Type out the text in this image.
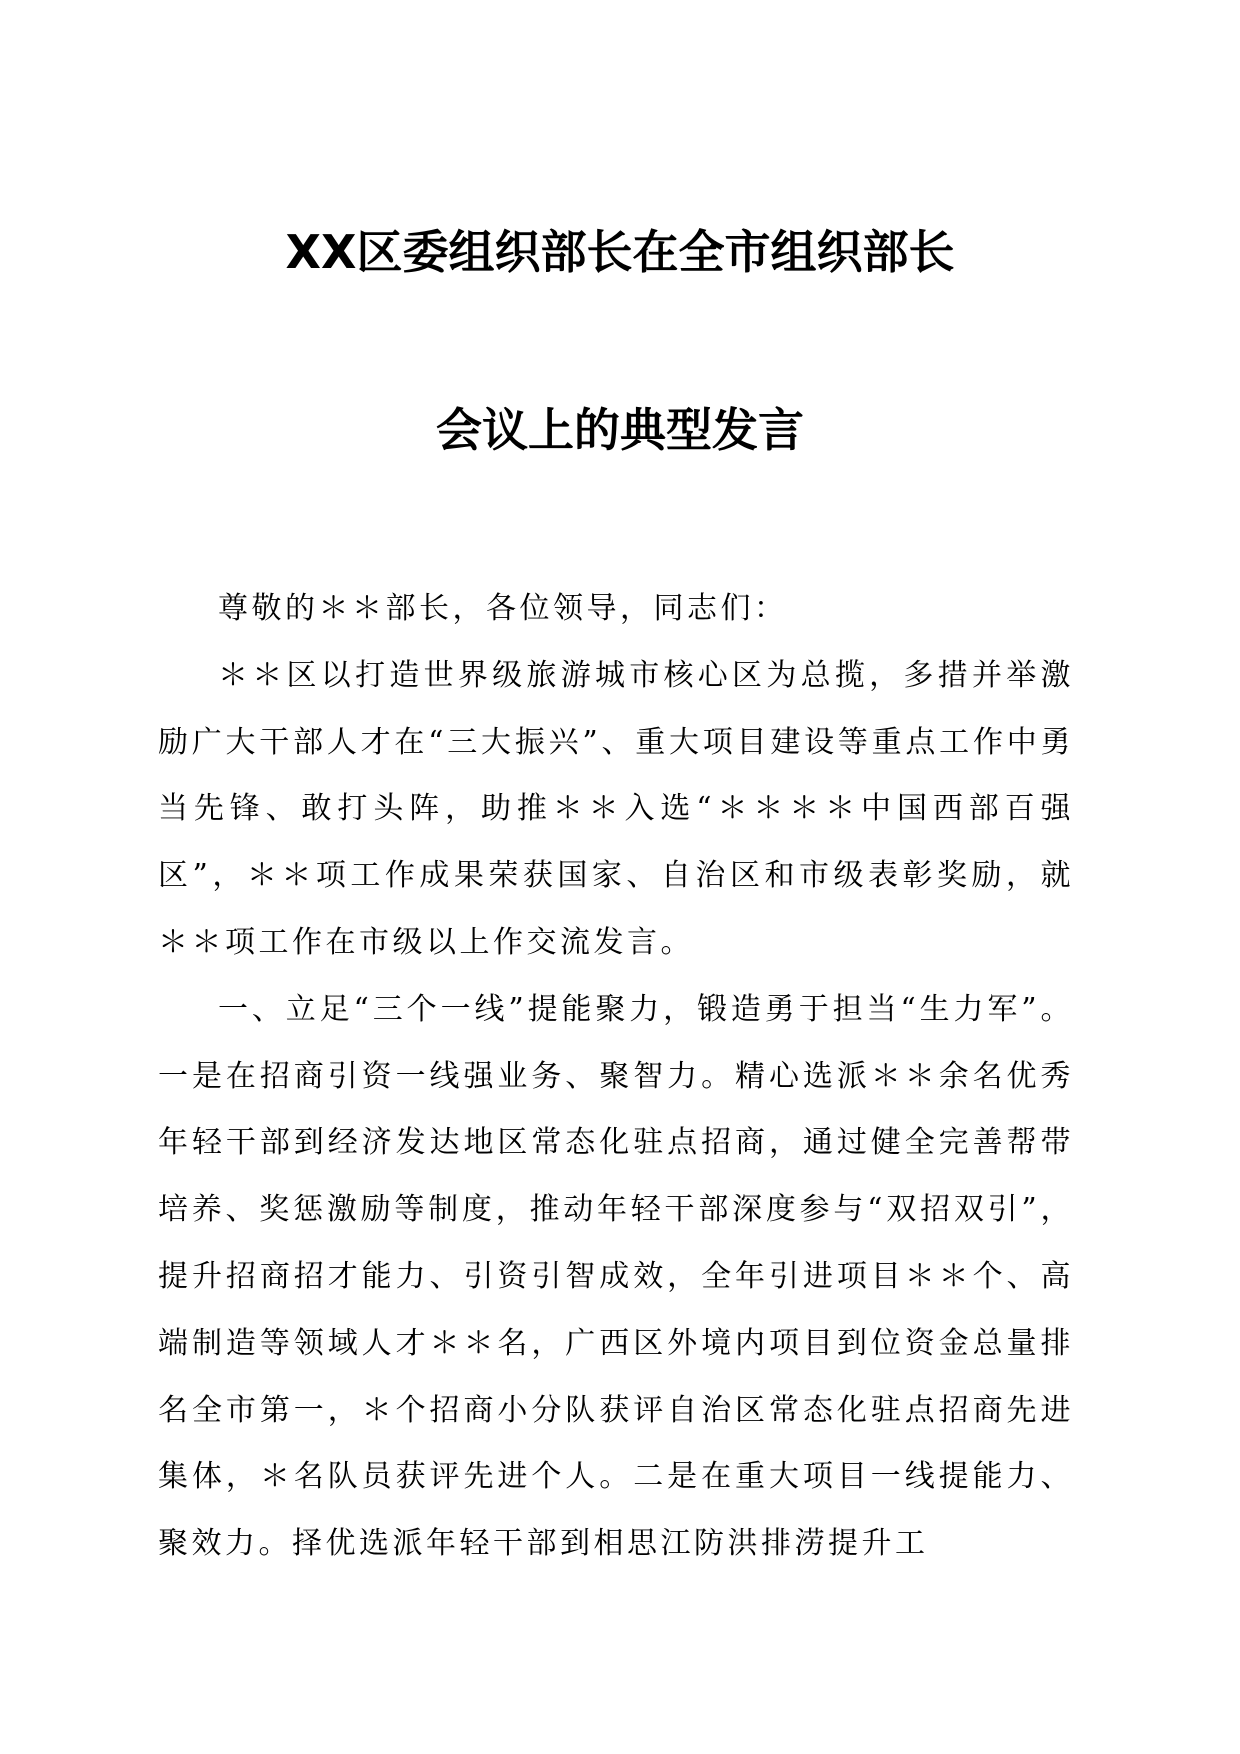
XX区委组织部长在全市组织部长
会议上的典型发言

尊敬的＊＊部长，各位领导，同志们：

＊＊区以打造世界级旅游城市核心区为总揽，多措并举激励广大干部人才在“三大振兴”、重大项目建设等重点工作中勇当先锋、敢打头阵，助推＊＊入选“＊＊＊＊中国西部百强区”，＊＊项工作成果荣获国家、自治区和市级表彰奖励，就＊＊项工作在市级以上作交流发言。

一、立足“三个一线”提能聚力，锻造勇于担当“生力军”。一是在招商引资一线强业务、聚智力。精心选派＊＊余名优秀年轻干部到经济发达地区常态化驻点招商，通过健全完善帮带培养、奖惩激励等制度，推动年轻干部深度参与“双招双引”，提升招商招才能力、引资引智成效，全年引进项目＊＊个、高端制造等领域人才＊＊名，广西区外境内项目到位资金总量排名全市第一，＊个招商小分队获评自治区常态化驻点招商先进集体，＊名队员获评先进个人。二是在重大项目一线提能力、聚效力。择优选派年轻干部到相思江防洪排涝提升工
